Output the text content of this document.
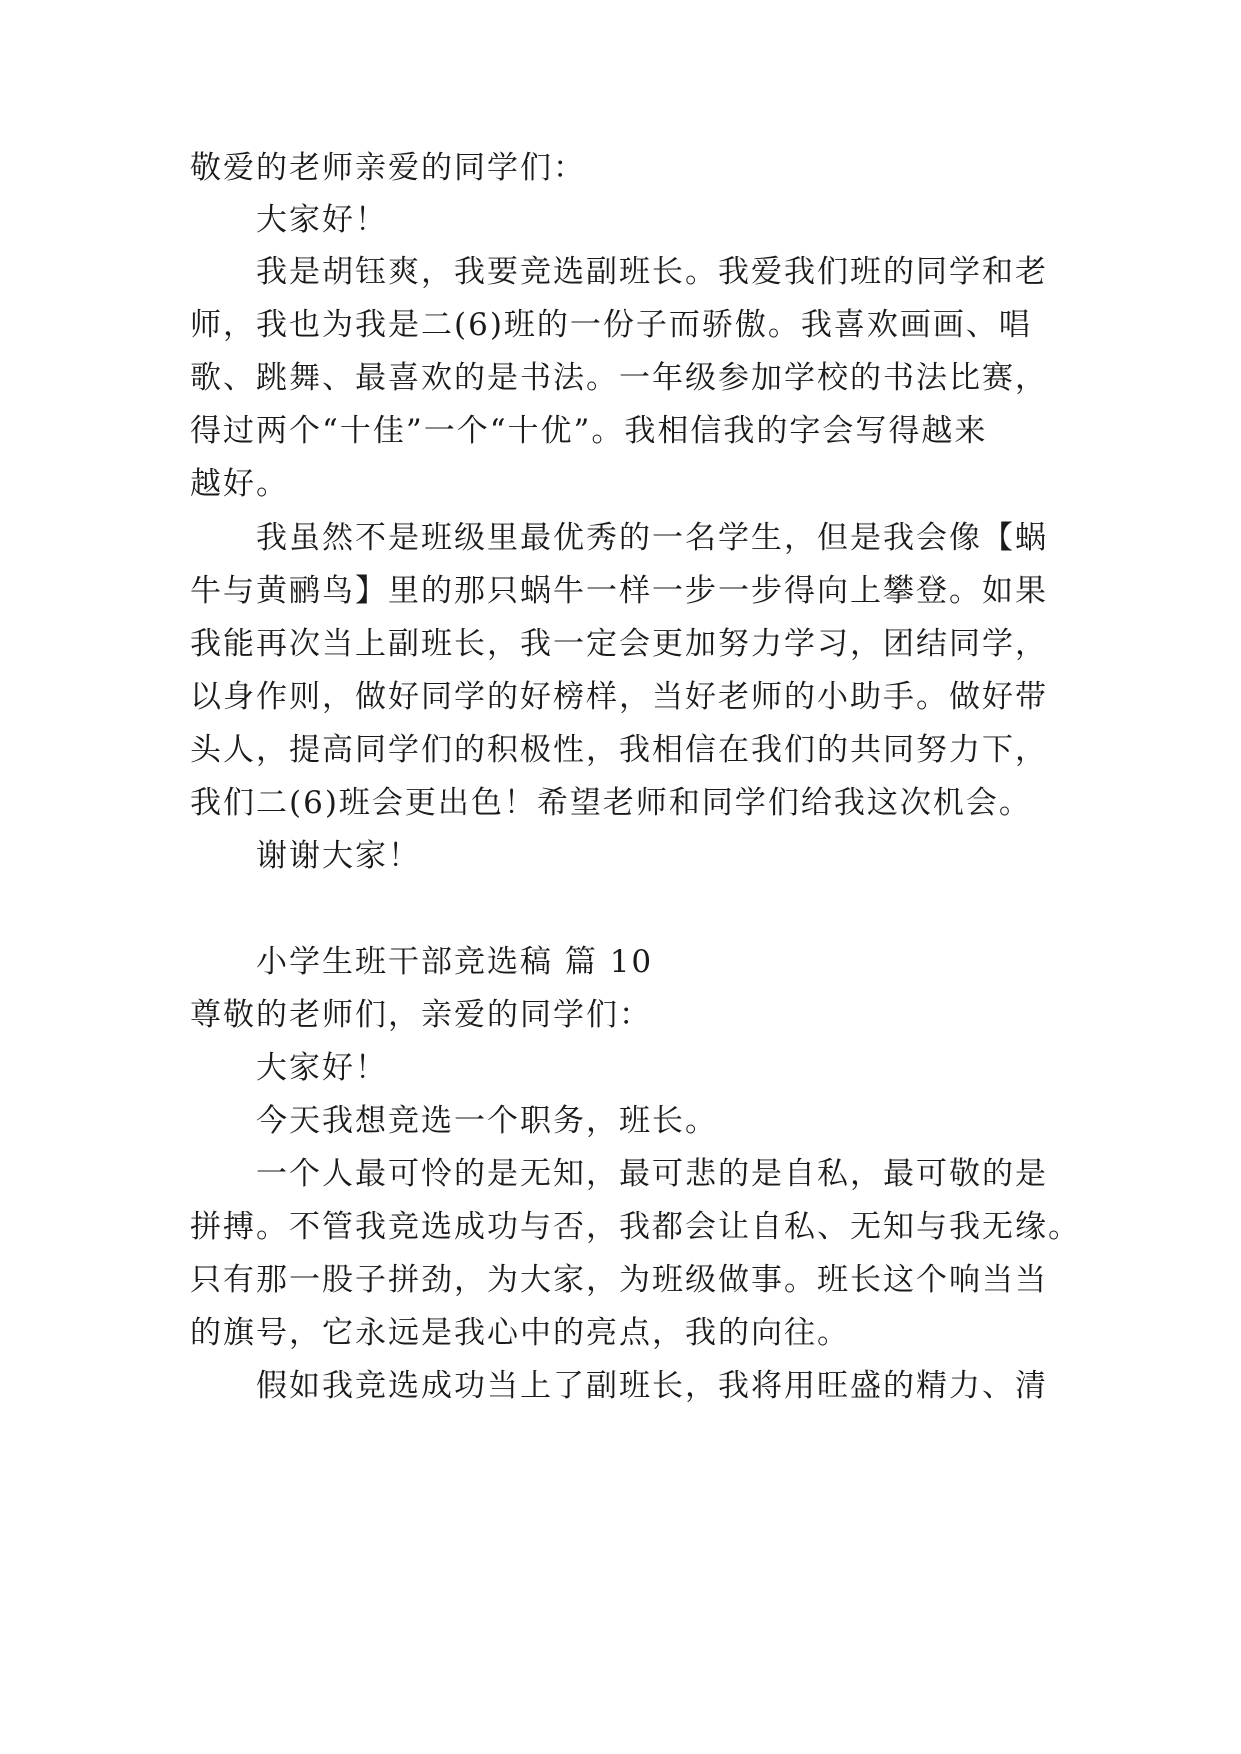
敬爱的老师亲爱的同学们：

大家好！

我是胡钰爽，我要竞选副班长。我爱我们班的同学和老

师，我也为我是二(6)班的一份子而骄傲。我喜欢画画、唱

歌、跳舞、最喜欢的是书法。一年级参加学校的书法比赛，

得过两个“十佳”一个“十优”。我相信我的字会写得越来

越好。

我虽然不是班级里最优秀的一名学生，但是我会像【蜗

牛与黄鹂鸟】里的那只蜗牛一样一步一步得向上攀登。如果

我能再次当上副班长，我一定会更加努力学习，团结同学，

以身作则，做好同学的好榜样，当好老师的小助手。做好带

头人，提高同学们的积极性，我相信在我们的共同努力下，

我们二(6)班会更出色！希望老师和同学们给我这次机会。

谢谢大家！

小学生班干部竞选稿 篇 10

尊敬的老师们，亲爱的同学们：

大家好！

今天我想竞选一个职务，班长。

一个人最可怜的是无知，最可悲的是自私，最可敬的是

拼搏。不管我竞选成功与否，我都会让自私、无知与我无缘。

只有那一股子拼劲，为大家，为班级做事。班长这个响当当

的旗号，它永远是我心中的亮点，我的向往。

假如我竞选成功当上了副班长，我将用旺盛的精力、清
